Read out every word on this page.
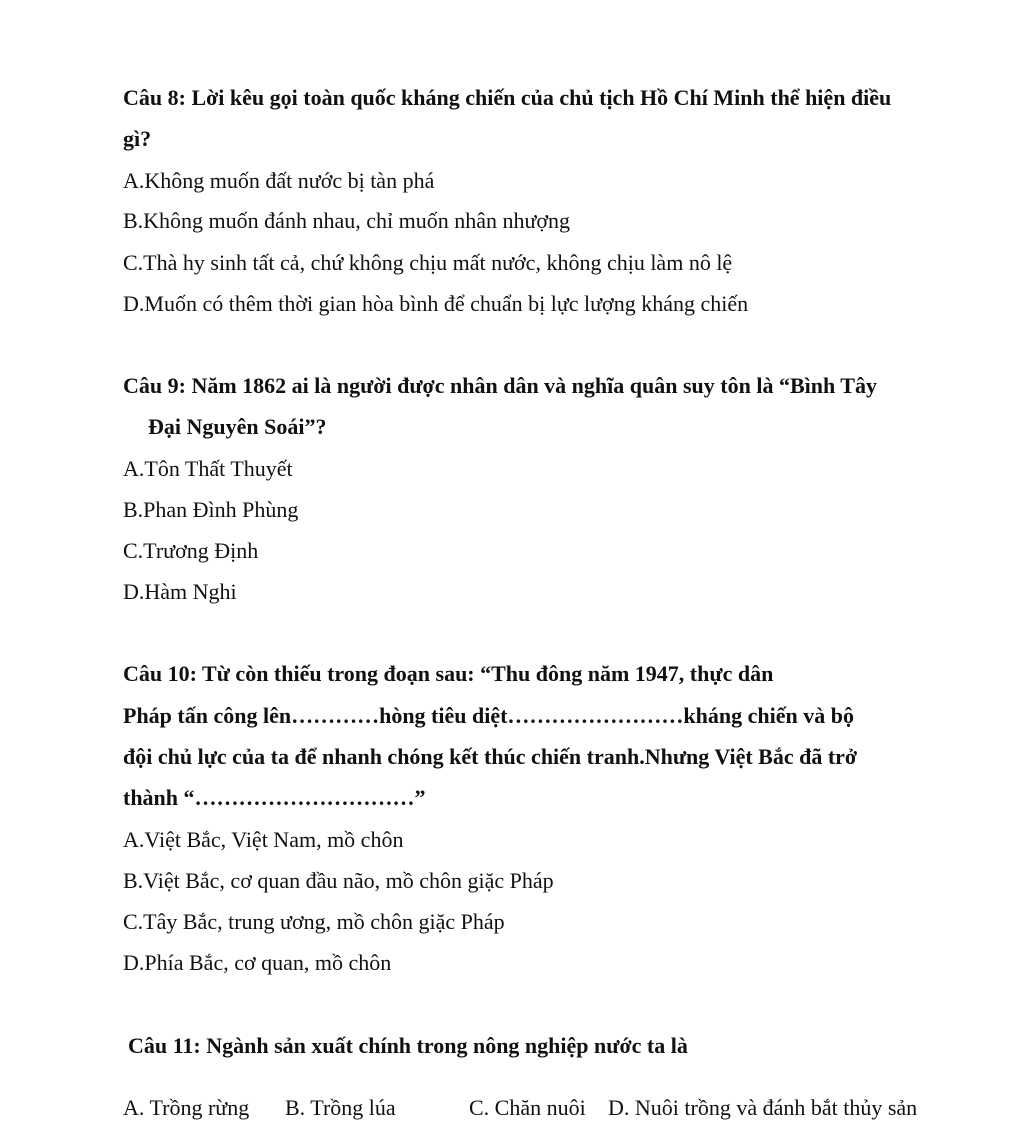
Câu 8: Lời kêu gọi toàn quốc kháng chiến của chủ tịch Hồ Chí Minh thể hiện điều
gì?
A.Không muốn đất nước bị tàn phá
B.Không muốn đánh nhau, chỉ muốn nhân nhượng
C.Thà hy sinh tất cả, chứ không chịu mất nước, không chịu làm nô lệ
D.Muốn có thêm thời gian hòa bình để chuẩn bị lực lượng kháng chiến
Câu 9: Năm 1862 ai là người được nhân dân và nghĩa quân suy tôn là “Bình Tây
Đại Nguyên Soái”?
A.Tôn Thất Thuyết
B.Phan Đình Phùng
C.Trương Định
D.Hàm Nghi
Câu 10: Từ còn thiếu trong đoạn sau: “Thu đông năm 1947, thực dân
Pháp tấn công lên…………hòng tiêu diệt……………………kháng chiến và bộ
đội chủ lực của ta để nhanh chóng kết thúc chiến tranh.Nhưng Việt Bắc đã trở
thành “…………………………”
A.Việt Bắc, Việt Nam, mồ chôn
B.Việt Bắc, cơ quan đầu não, mồ chôn giặc Pháp
C.Tây Bắc, trung ương, mồ chôn giặc Pháp
D.Phía Bắc, cơ quan, mồ chôn
Câu 11: Ngành sản xuất chính trong nông nghiệp nước ta là
A. Trồng rừng B. Trồng lúa	C. Chăn nuôi D. Nuôi trồng và đánh bắt thủy sản
